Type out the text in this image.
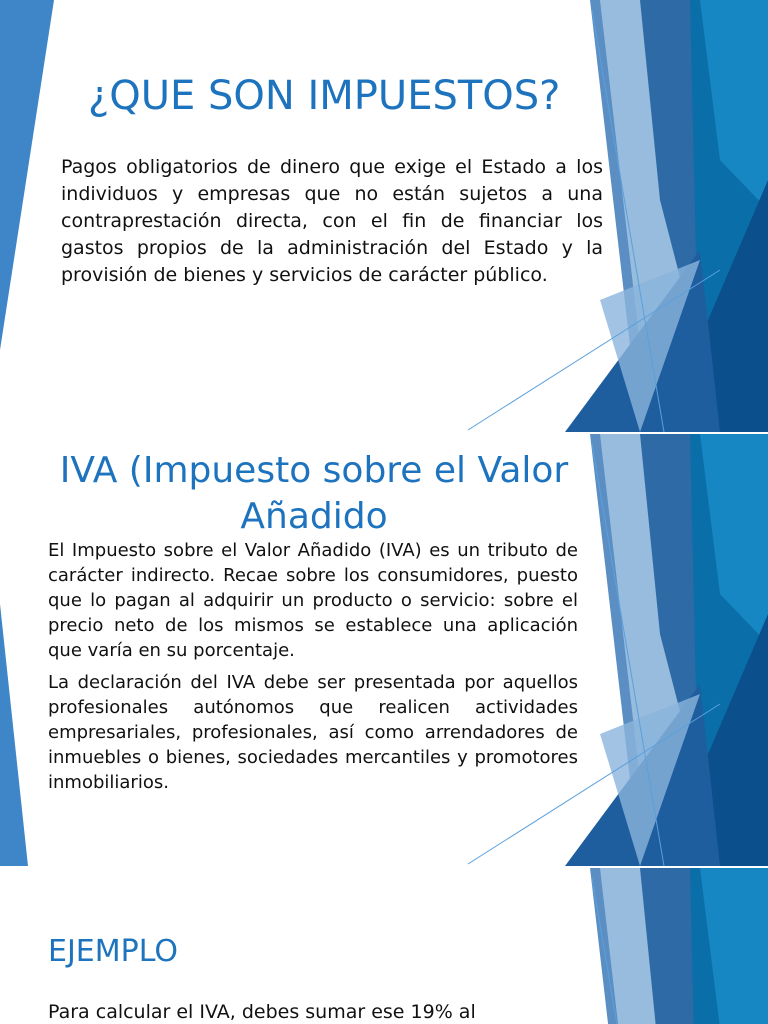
¿QUE SON IMPUESTOS?

Pagos obligatorios de dinero que exige el Estado a los individuos y empresas que no están sujetos a una contraprestación directa, con el fin de financiar los gastos propios de la administración del Estado y la provisión de bienes y servicios de carácter público.

IVA (Impuesto sobre el Valor Añadido

El Impuesto sobre el Valor Añadido (IVA) es un tributo de carácter indirecto. Recae sobre los consumidores, puesto que lo pagan al adquirir un producto o servicio: sobre el precio neto de los mismos se establece una aplicación que varía en su porcentaje.

La declaración del IVA debe ser presentada por aquellos profesionales autónomos que realicen actividades empresariales, profesionales, así como arrendadores de inmuebles o bienes, sociedades mercantiles y promotores inmobiliarios.

EJEMPLO

Para calcular el IVA, debes sumar ese 19% al
